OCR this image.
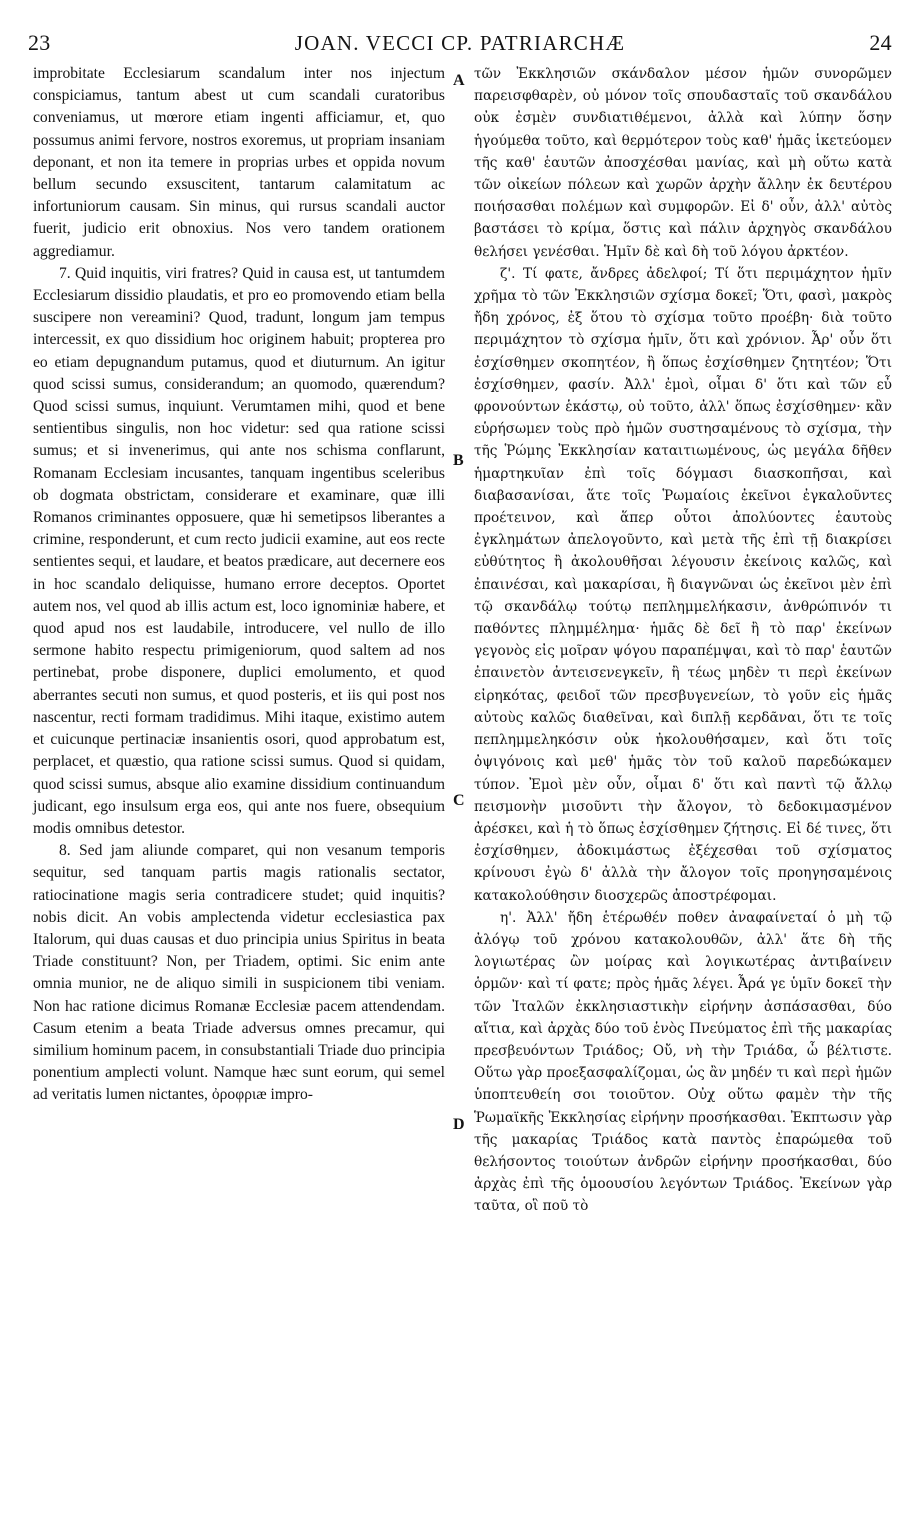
23	JOAN. VECCI CP. PATRIARCHÆ	24

improbitate Ecclesiarum scandalum inter nos injectum conspiciamus, tantum abest ut cum scandali curatoribus conveniamus, ut mœrore etiam ingenti afficiamur, et, quo possumus animi fervore, nostros exoremus, ut propriam insaniam deponant, et non ita temere in proprias urbes et oppida novum bellum secundo exsuscitent, tantarum calamitatum ac infortuniorum causam. Sin minus, qui rursus scandali auctor fuerit, judicio erit obnoxius. Nos vero tandem orationem aggrediamur.

7. Quid inquitis, viri fratres? Quid in causa est, ut tantumdem Ecclesiarum dissidio plaudatis, et pro eo promovendo etiam bella suscipere non vereamini? Quod, tradunt, longum jam tempus intercessit, ex quo dissidium hoc originem habuit; propterea pro eo etiam depugnandum putamus, quod et diuturnum. An igitur quod scissi sumus, considerandum; an quomodo, quærendum? Quod scissi sumus, inquiunt. Verumtamen mihi, quod et bene sentientibus singulis, non hoc videtur: sed qua ratione scissi sumus; et si invenerimus, qui ante nos schisma conflarunt, Romanam Ecclesiam incusantes, tanquam ingentibus sceleribus ob dogmata obstrictam, considerare et examinare, quæ illi Romanos criminantes opposuere, quæ hi semetipsos liberantes a crimine, responderunt, et cum recto judicii examine, aut eos recte sentientes sequi, et laudare, et beatos prædicare, aut decernere eos in hoc scandalo deliquisse, humano errore deceptos. Oportet autem nos, vel quod ab illis actum est, loco ignominiæ habere, et quod apud nos est laudabile, introducere, vel nullo de illo sermone habito respectu primigeniorum, quod saltem ad nos pertinebat, probe disponere, duplici emolumento, et quod aberrantes secuti non sumus, et quod posteris, et iis qui post nos nascentur, recti formam tradidimus. Mihi itaque, existimo autem et cuicunque pertinaciæ insanientis osori, quod approbatum est, perplacet, et quæstio, qua ratione scissi sumus. Quod si quidam, quod scissi sumus, absque alio examine dissidium continuandum judicant, ego insulsum erga eos, qui ante nos fuere, obsequium modis omnibus detestor.

8. Sed jam aliunde comparet, qui non vesanum temporis sequitur, sed tanquam partis magis rationalis sectator, ratiocinatione magis seria contradicere studet; quid inquitis? nobis dicit. An vobis amplectenda videtur ecclesiastica pax Italorum, qui duas causas et duo principia unius Spiritus in beata Triade constituunt? Non, per Triadem, optimi. Sic enim ante omnia munior, ne de aliquo simili in suspicionem tibi veniam. Non hac ratione dicimus Romanæ Ecclesiæ pacem attendendam. Casum etenim a beata Triade adversus omnes precamur, qui similium hominum pacem, in consubstantiali Triade duo principia ponentium amplecti volunt. Namque hæc sunt eorum, qui semel ad veritatis lumen nictantes, ὀροφριæ impro-

A
B
C
D

τῶν Ἐκκλησιῶν σκάνδαλον μέσον ἡμῶν συνορῶμεν παρεισφθαρὲν, οὐ μόνον τοῖς σπουδασταῖς τοῦ σκανδάλου οὐκ ἐσμὲν συνδιατιθέμενοι, ἀλλὰ καὶ λύπην ὅσην ἡγούμεθα τοῦτο, καὶ θερμότερον τοὺς καθ' ἡμᾶς ἱκετεύομεν τῆς καθ' ἑαυτῶν ἀποσχέσθαι μανίας, καὶ μὴ οὕτω κατὰ τῶν οἰκείων πόλεων καὶ χωρῶν ἀρχὴν ἄλλην ἐκ δευτέρου ποιήσασθαι πολέμων καὶ συμφορῶν. Εἰ δ' οὖν, ἀλλ' αὐτὸς βαστάσει τὸ κρίμα, ὅστις καὶ πάλιν ἀρχηγὸς σκανδάλου θελήσει γενέσθαι. Ἡμῖν δὲ καὶ δὴ τοῦ λόγου ἀρκτέον.

ζ'. Τί φατε, ἄνδρες ἀδελφοί; Τί ὅτι περιμάχητον ἡμῖν χρῆμα τὸ τῶν Ἐκκλησιῶν σχίσμα δοκεῖ; Ὅτι, φασὶ, μακρὸς ἤδη χρόνος, ἐξ ὅτου τὸ σχίσμα τοῦτο προέβη· διὰ τοῦτο περιμάχητον τὸ σχίσμα ἡμῖν, ὅτι καὶ χρόνιον. Ἆρ' οὖν ὅτι ἐσχίσθημεν σκοπητέον, ἢ ὅπως ἐσχίσθημεν ζητητέον; Ὅτι ἐσχίσθημεν, φασίν. Ἀλλ' ἐμοὶ, οἶμαι δ' ὅτι καὶ τῶν εὖ φρονούντων ἑκάστῳ, οὐ τοῦτο, ἀλλ' ὅπως ἐσχίσθημεν· κἂν εὑρήσωμεν τοὺς πρὸ ἡμῶν συστησαμένους τὸ σχίσμα, τὴν τῆς Ῥώμης Ἐκκλησίαν καταιτιωμένους, ὡς μεγάλα δῆθεν ἡμαρτηκυῖαν ἐπὶ τοῖς δόγμασι διασκοπῆσαι, καὶ διαβασανίσαι, ἅτε τοῖς Ῥωμαίοις ἐκεῖνοι ἐγκαλοῦντες προέτεινον, καὶ ἅπερ οὗτοι ἀπολύοντες ἑαυτοὺς ἐγκλημάτων ἀπελογοῦντο, καὶ μετὰ τῆς ἐπὶ τῇ διακρίσει εὐθύτητος ἢ ἀκολουθῆσαι λέγουσιν ἐκείνοις καλῶς, καὶ ἐπαινέσαι, καὶ μακαρίσαι, ἢ διαγνῶναι ὡς ἐκεῖνοι μὲν ἐπὶ τῷ σκανδάλῳ τούτῳ πεπλημμελήκασιν, ἀνθρώπινόν τι παθόντες πλημμέλημα· ἡμᾶς δὲ δεῖ ἢ τὸ παρ' ἐκείνων γεγονὸς εἰς μοῖραν ψόγου παραπέμψαι, καὶ τὸ παρ' ἑαυτῶν ἐπαινετὸν ἀντεισενεγκεῖν, ἢ τέως μηδὲν τι περὶ ἐκείνων εἰρηκότας, φειδοῖ τῶν πρεσβυγενείων, τὸ γοῦν εἰς ἡμᾶς αὐτοὺς καλῶς διαθεῖναι, καὶ διπλῇ κερδᾶναι, ὅτι τε τοῖς πεπλημμεληκόσιν οὐκ ἠκολουθήσαμεν, καὶ ὅτι τοῖς ὀψιγόνοις καὶ μεθ' ἡμᾶς τὸν τοῦ καλοῦ παρεδώκαμεν τύπον. Ἐμοὶ μὲν οὖν, οἶμαι δ' ὅτι καὶ παντὶ τῷ ἄλλῳ πεισμονὴν μισοῦντι τὴν ἄλογον, τὸ δεδοκιμασμένον ἀρέσκει, καὶ ἡ τὸ ὅπως ἐσχίσθημεν ζήτησις. Εἰ δέ τινες, ὅτι ἐσχίσθημεν, ἀδοκιμάστως ἐξέχεσθαι τοῦ σχίσματος κρίνουσι ἐγὼ δ' ἀλλὰ τὴν ἄλογον τοῖς προηγησαμένοις κατακολούθησιν διοσχερῶς ἀποστρέφομαι.

η'. Ἀλλ' ἤδη ἑτέρωθέν ποθεν ἀναφαίνεταί ὁ μὴ τῷ ἀλόγῳ τοῦ χρόνου κατακολουθῶν, ἀλλ' ἅτε δὴ τῆς λογιωτέρας ὢν μοίρας καὶ λογικωτέρας ἀντιβαίνειν ὁρμῶν· καὶ τί φατε; πρὸς ἡμᾶς λέγει. Ἆρά γε ὑμῖν δοκεῖ τὴν τῶν Ἰταλῶν ἐκκλησιαστικὴν εἰρήνην ἀσπάσασθαι, δύο αἴτια, καὶ ἀρχὰς δύο τοῦ ἑνὸς Πνεύματος ἐπὶ τῆς μακαρίας πρεσβευόντων Τριάδος; Οὔ, νὴ τὴν Τριάδα, ὦ βέλτιστε. Οὕτω γὰρ προεξασφαλίζομαι, ὡς ἂν μηδέν τι καὶ περὶ ἡμῶν ὑποπτευθείη σοι τοιοῦτον. Οὐχ οὕτω φαμὲν τὴν τῆς Ῥωμαϊκῆς Ἐκκλησίας εἰρήνην προσήκασθαι. Ἐκπτωσιν γὰρ τῆς μακαρίας Τριάδος κατὰ παντὸς ἐπαρώμεθα τοῦ θελήσοντος τοιούτων ἀνδρῶν εἰρήνην προσήκασθαι, δύο ἀρχὰς ἐπὶ τῆς ὁμοουσίου λεγόντων Τριάδος. Ἐκείνων γὰρ ταῦτα, οἳ ποῦ τὸ
